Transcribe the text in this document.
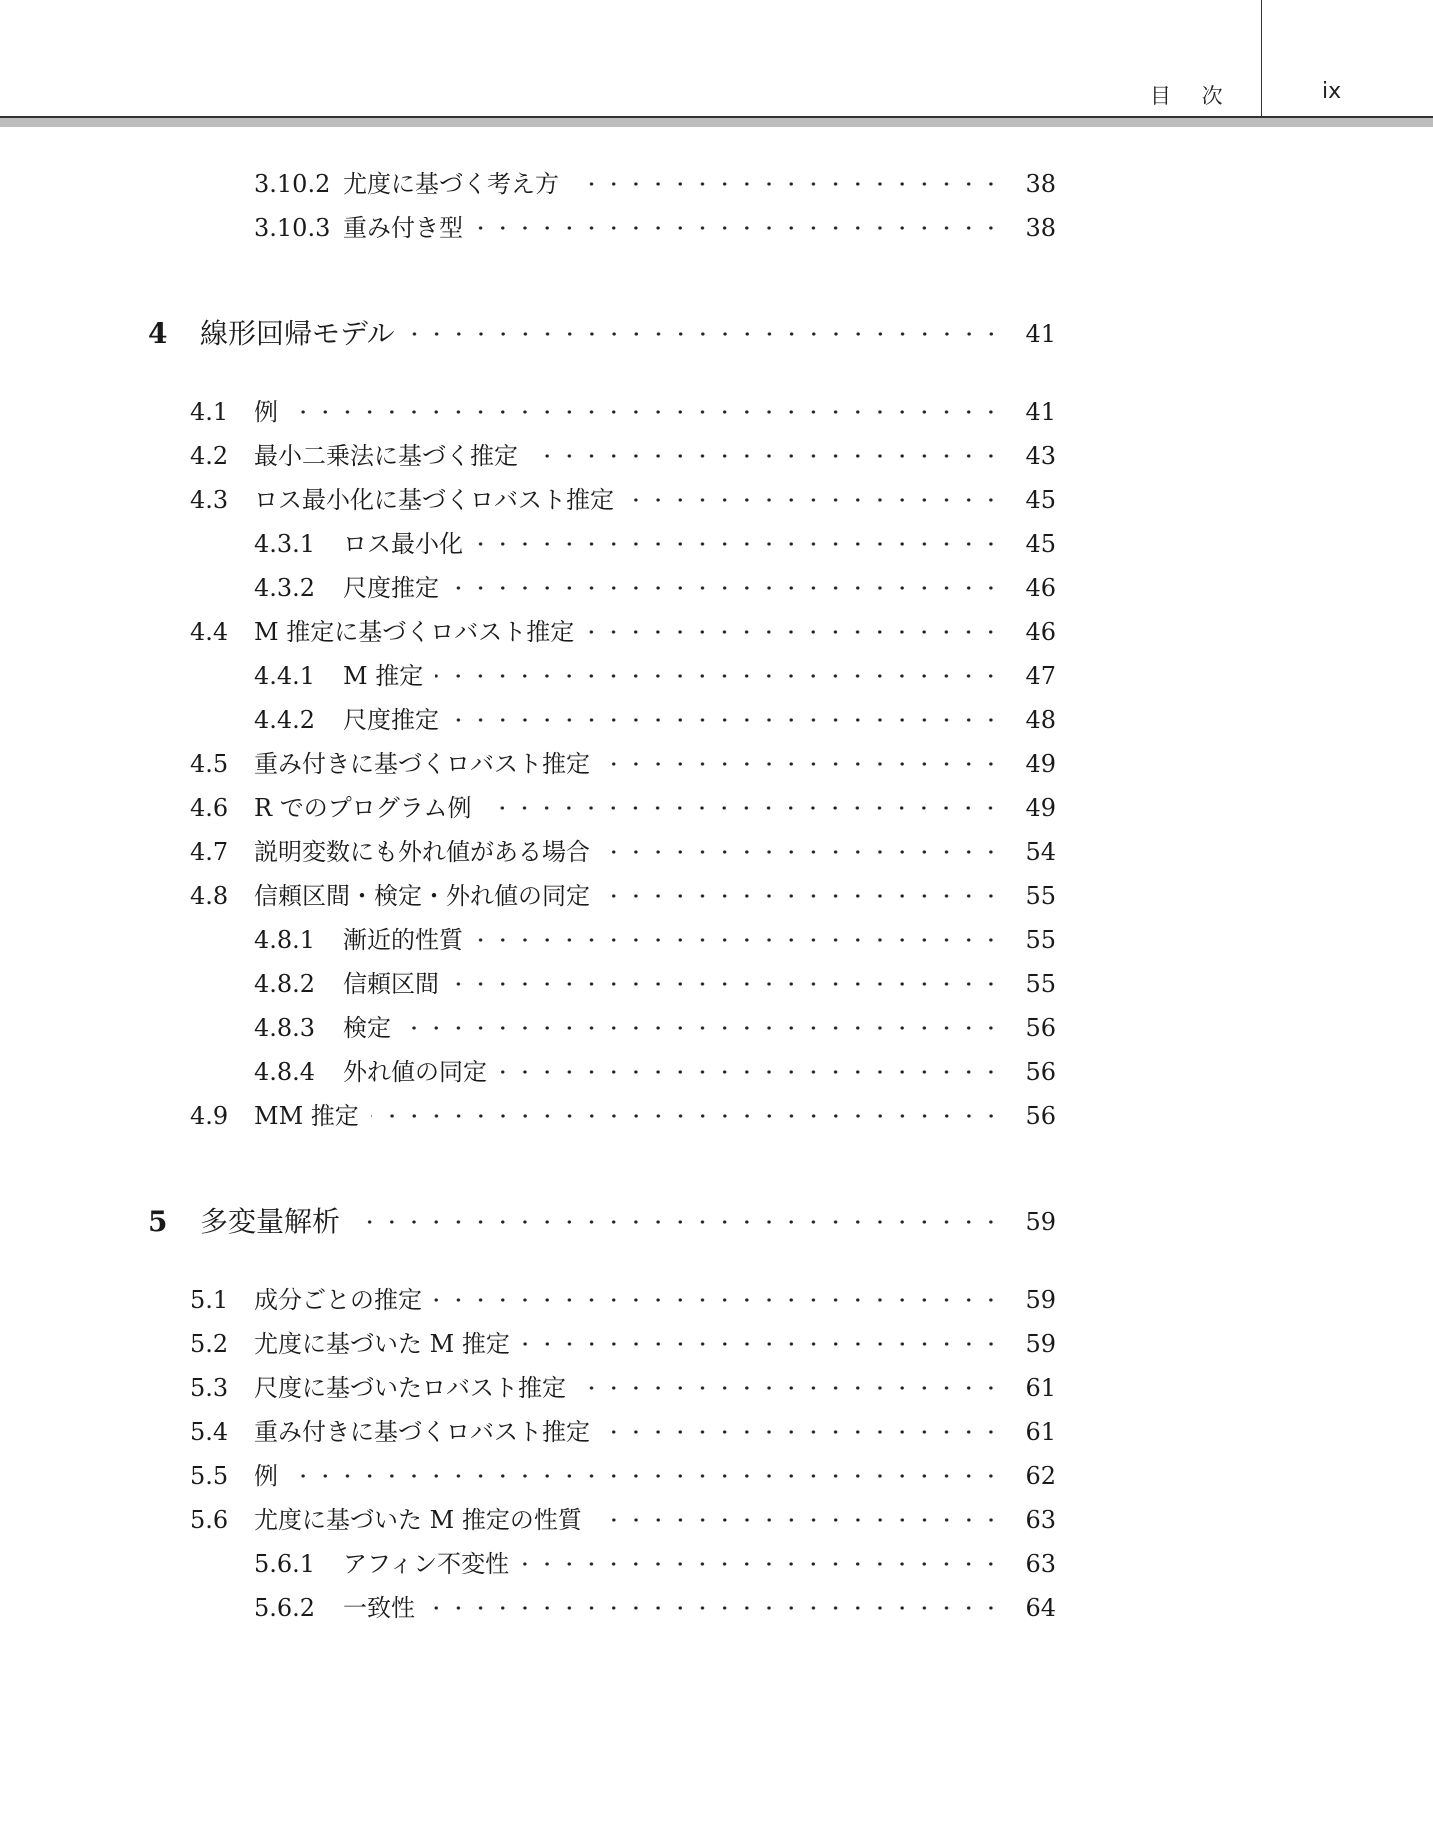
目 次	ix
3.10.2 尤度に基づく考え方	38
3.10.3 重み付き型	38
4	線形回帰モデル	41
4.1	例	41
4.2	最小二乗法に基づく推定	43
4.3	ロス最小化に基づくロバスト推定	45
4.3.1	ロス最小化	45
4.3.2	尺度推定	46
4.4	M 推定に基づくロバスト推定	46
4.4.1	M 推定	47
4.4.2	尺度推定	48
4.5	重み付きに基づくロバスト推定	49
4.6	R でのプログラム例	49
4.7	説明変数にも外れ値がある場合	54
4.8	信頼区間・検定・外れ値の同定	55
4.8.1	漸近的性質	55
4.8.2	信頼区間	55
4.8.3	検定	56
4.8.4	外れ値の同定	56
4.9	MM 推定	56
5	多変量解析	59
5.1	成分ごとの推定	59
5.2	尤度に基づいた M 推定	59
5.3	尺度に基づいたロバスト推定	61
5.4	重み付きに基づくロバスト推定	61
5.5	例	62
5.6	尤度に基づいた M 推定の性質	63
5.6.1	アフィン不変性	63
5.6.2	一致性	64
